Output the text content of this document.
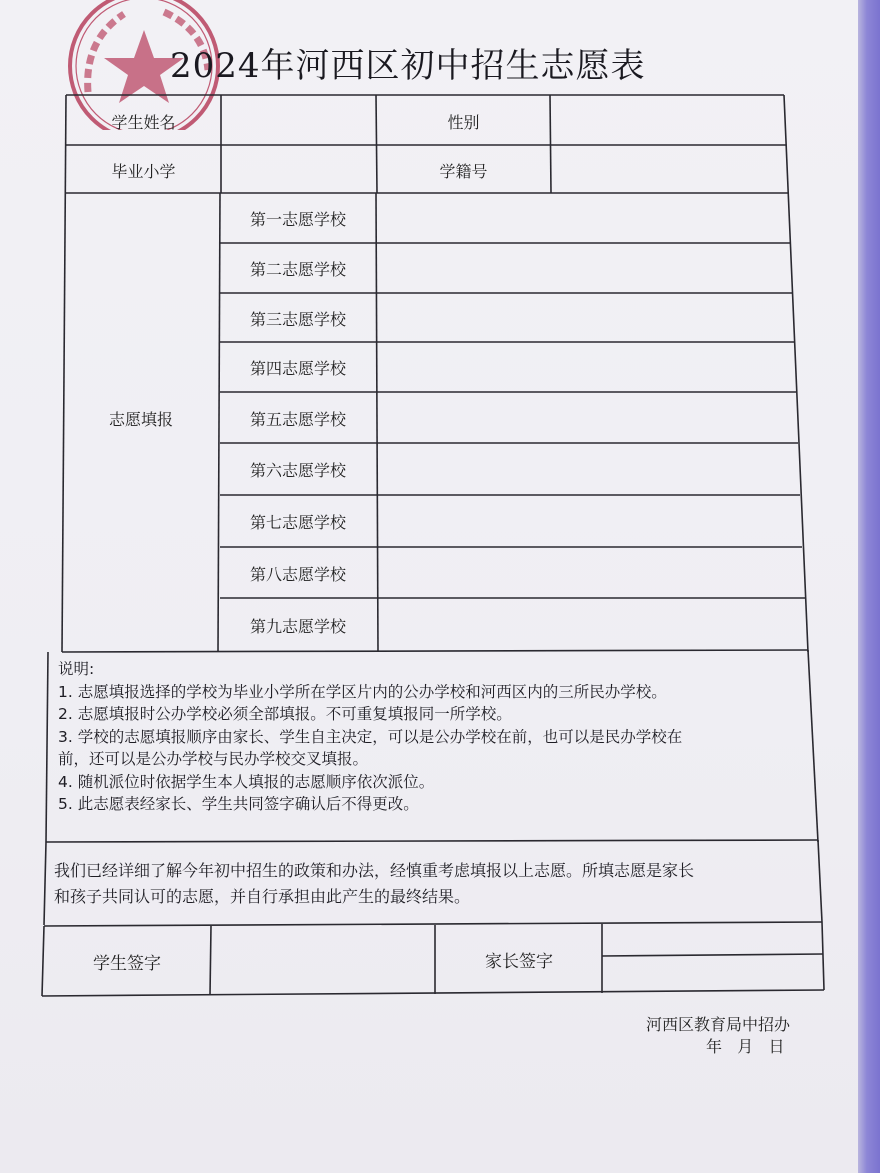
2024年河西区初中招生志愿表
学生姓名	性别
毕业小学	学籍号
志愿填报
第一志愿学校
第二志愿学校
第三志愿学校
第四志愿学校
第五志愿学校
第六志愿学校
第七志愿学校
第八志愿学校
第九志愿学校
说明:
1. 志愿填报选择的学校为毕业小学所在学区片内的公办学校和河西区内的三所民办学校。
2. 志愿填报时公办学校必须全部填报。不可重复填报同一所学校。
3. 学校的志愿填报顺序由家长、学生自主决定，可以是公办学校在前，也可以是民办学校在
前，还可以是公办学校与民办学校交叉填报。
4. 随机派位时依据学生本人填报的志愿顺序依次派位。
5. 此志愿表经家长、学生共同签字确认后不得更改。
我们已经详细了解今年初中招生的政策和办法，经慎重考虑填报以上志愿。所填志愿是家长
和孩子共同认可的志愿，并自行承担由此产生的最终结果。
学生签字	家长签字
河西区教育局中招办
年   月   日
